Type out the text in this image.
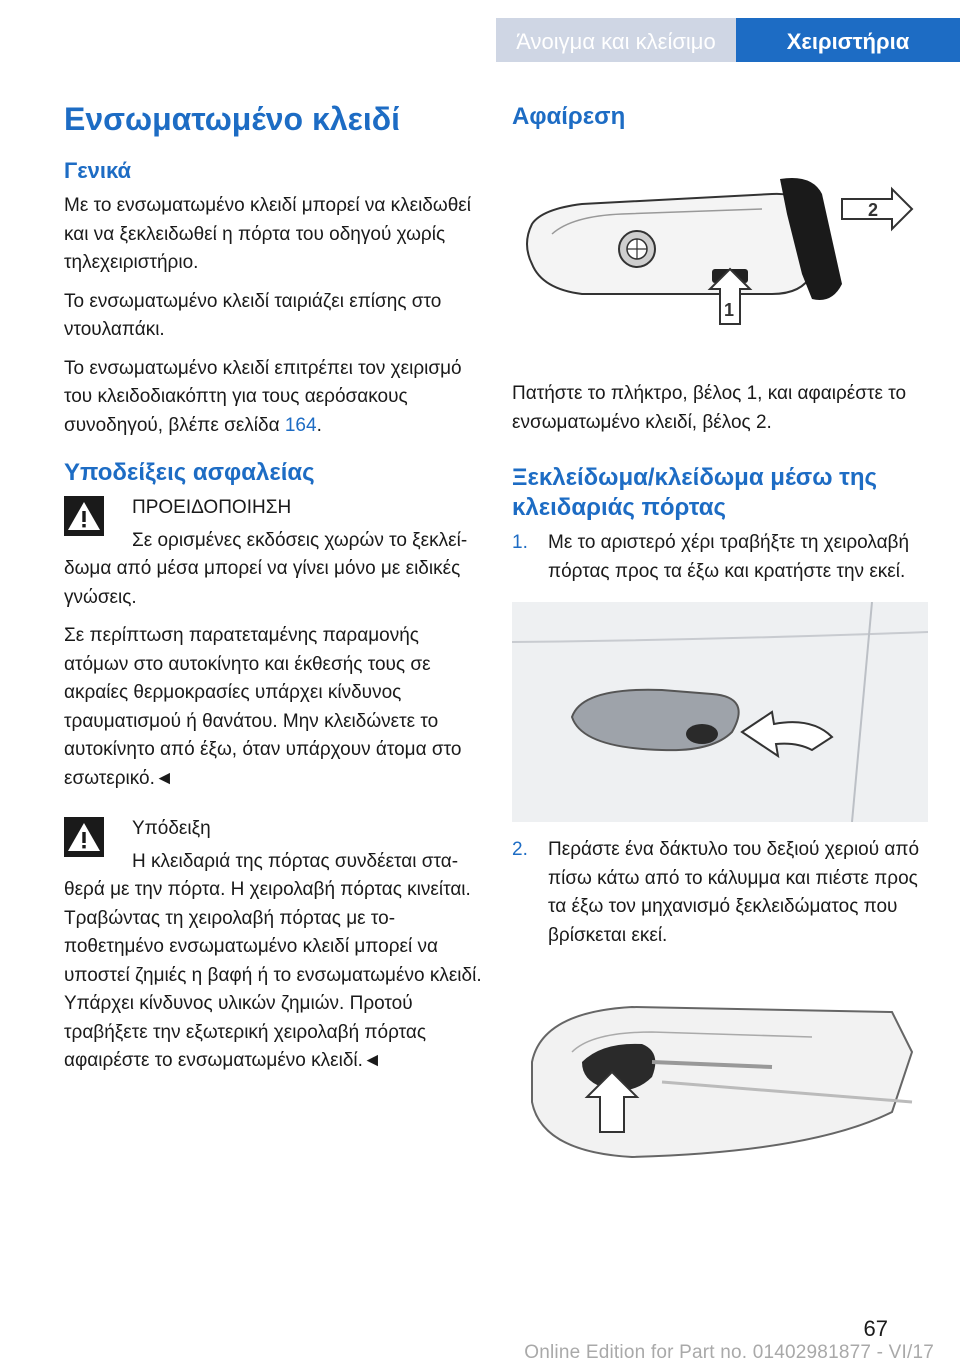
Άνοιγμα και κλείσιμο	Χειριστήρια
Ενσωματωμένο κλειδί
Γενικά

Με το ενσωματωμένο κλειδί μπορεί να κλειδωθεί και να ξεκλειδωθεί η πόρτα του οδηγού χωρίς τηλεχειριστήριο.

Το ενσωματωμένο κλειδί ταιριάζει επίσης στο ντουλαπάκι.

Το ενσωματωμένο κλειδί επιτρέπει τον χειρισμό του κλειδοδιακόπτη για τους αερόσακους συνοδηγού, βλέπε σελίδα 164.

Υποδείξεις ασφαλείας

ΠΡΟΕΙΔΟΠΟΙΗΣΗ

Σε ορισμένες εκδόσεις χωρών το ξεκλείδωμα από μέσα μπορεί να γίνει μόνο με ειδικές γνώσεις.

Σε περίπτωση παρατεταμένης παραμονής ατόμων στο αυτοκίνητο και έκθεσής τους σε ακραίες θερμοκρασίες υπάρχει κίνδυνος τραυματισμού ή θανάτου. Μην κλειδώνετε το αυτοκίνητο από έξω, όταν υπάρχουν άτομα στο εσωτερικό.◄

Υπόδειξη

Η κλειδαριά της πόρτας συνδέεται σταθερά με την πόρτα. Η χειρολαβή πόρτας κινείται. Τραβώντας τη χειρολαβή πόρτας με τοποθετημένο ενσωματωμένο κλειδί μπορεί να υποστεί ζημιές η βαφή ή το ενσωματωμένο κλειδί. Υπάρχει κίνδυνος υλικών ζημιών. Προτού τραβήξετε την εξωτερική χειρολαβή πόρτας αφαιρέστε το ενσωματωμένο κλειδί.◄

Αφαίρεση
2
1

Πατήστε το πλήκτρο, βέλος 1, και αφαιρέστε το ενσωματωμένο κλειδί, βέλος 2.

Ξεκλείδωμα/κλείδωμα μέσω της κλειδαριάς πόρτας
1. Με το αριστερό χέρι τραβήξτε τη χειρολαβή πόρτας προς τα έξω και κρατήστε την εκεί.
2. Περάστε ένα δάκτυλο του δεξιού χεριού από πίσω κάτω από το κάλυμμα και πιέστε προς τα έξω τον μηχανισμό ξεκλειδώματος που βρίσκεται εκεί.
67
Online Edition for Part no. 01402981877 - VI/17
